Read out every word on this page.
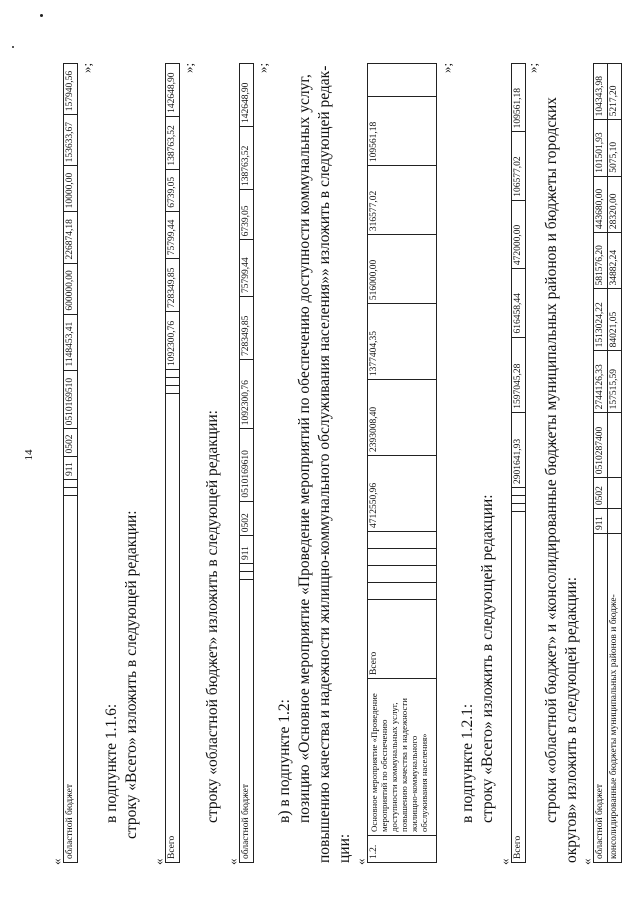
14
«
областной бюджет			911	0502	0510169510	1148453,41	600000,00	226874,18	10000,00	153633,67	157940,56
»;
в подпункте 1.1.6: строку «Всего» изложить в следующей редакции:
«
Всего				1092300,76	728349,85	75799,44	6739,05	138763,52	142648,90
»;
строку «областной бюджет» изложить в следующей редакции:
«
областной бюджет			911	0502	0510169610	1092300,76	728349,85	75799,44	6739,05	138763,52	142648,90
»;
в) в подпункте 1.2: позицию «Основное мероприятие «Проведение мероприятий по обеспечению доступности коммунальных услуг, повышению качества и надежности жилищно-коммунального обслуживания населения»» изложить в следующей редак- ции: «
1.2.	Основное мероприятие «Проведение мероприятий по обеспечению доступности коммунальных услуг, повышению качества и надежности жилищно-коммунального обслуживания населения»	Всего					4712550,96	2393008,40	1377404,35	516000,00	316577,02	109561,18	
»;
в подпункте 1.2.1: строку «Всего» изложить в следующей редакции:
«
Всего				2901641,93	1597045,28	616458,44	472000,00	106577,02	109561,18
»;
строки «областной бюджет» и «консолидированные бюджеты муниципальных районов и бюджеты городских округов» изложить в следующей редакции: «
областной бюджет	911	0502	0510287400	2744126,33	1513024,22	581576,20	443680,00	101501,93	104343,98
консолидированные бюджеты муниципальных районов и бюдже-				157515,59	84021,05	34882,24	28320,00	5075,10	5217,20
